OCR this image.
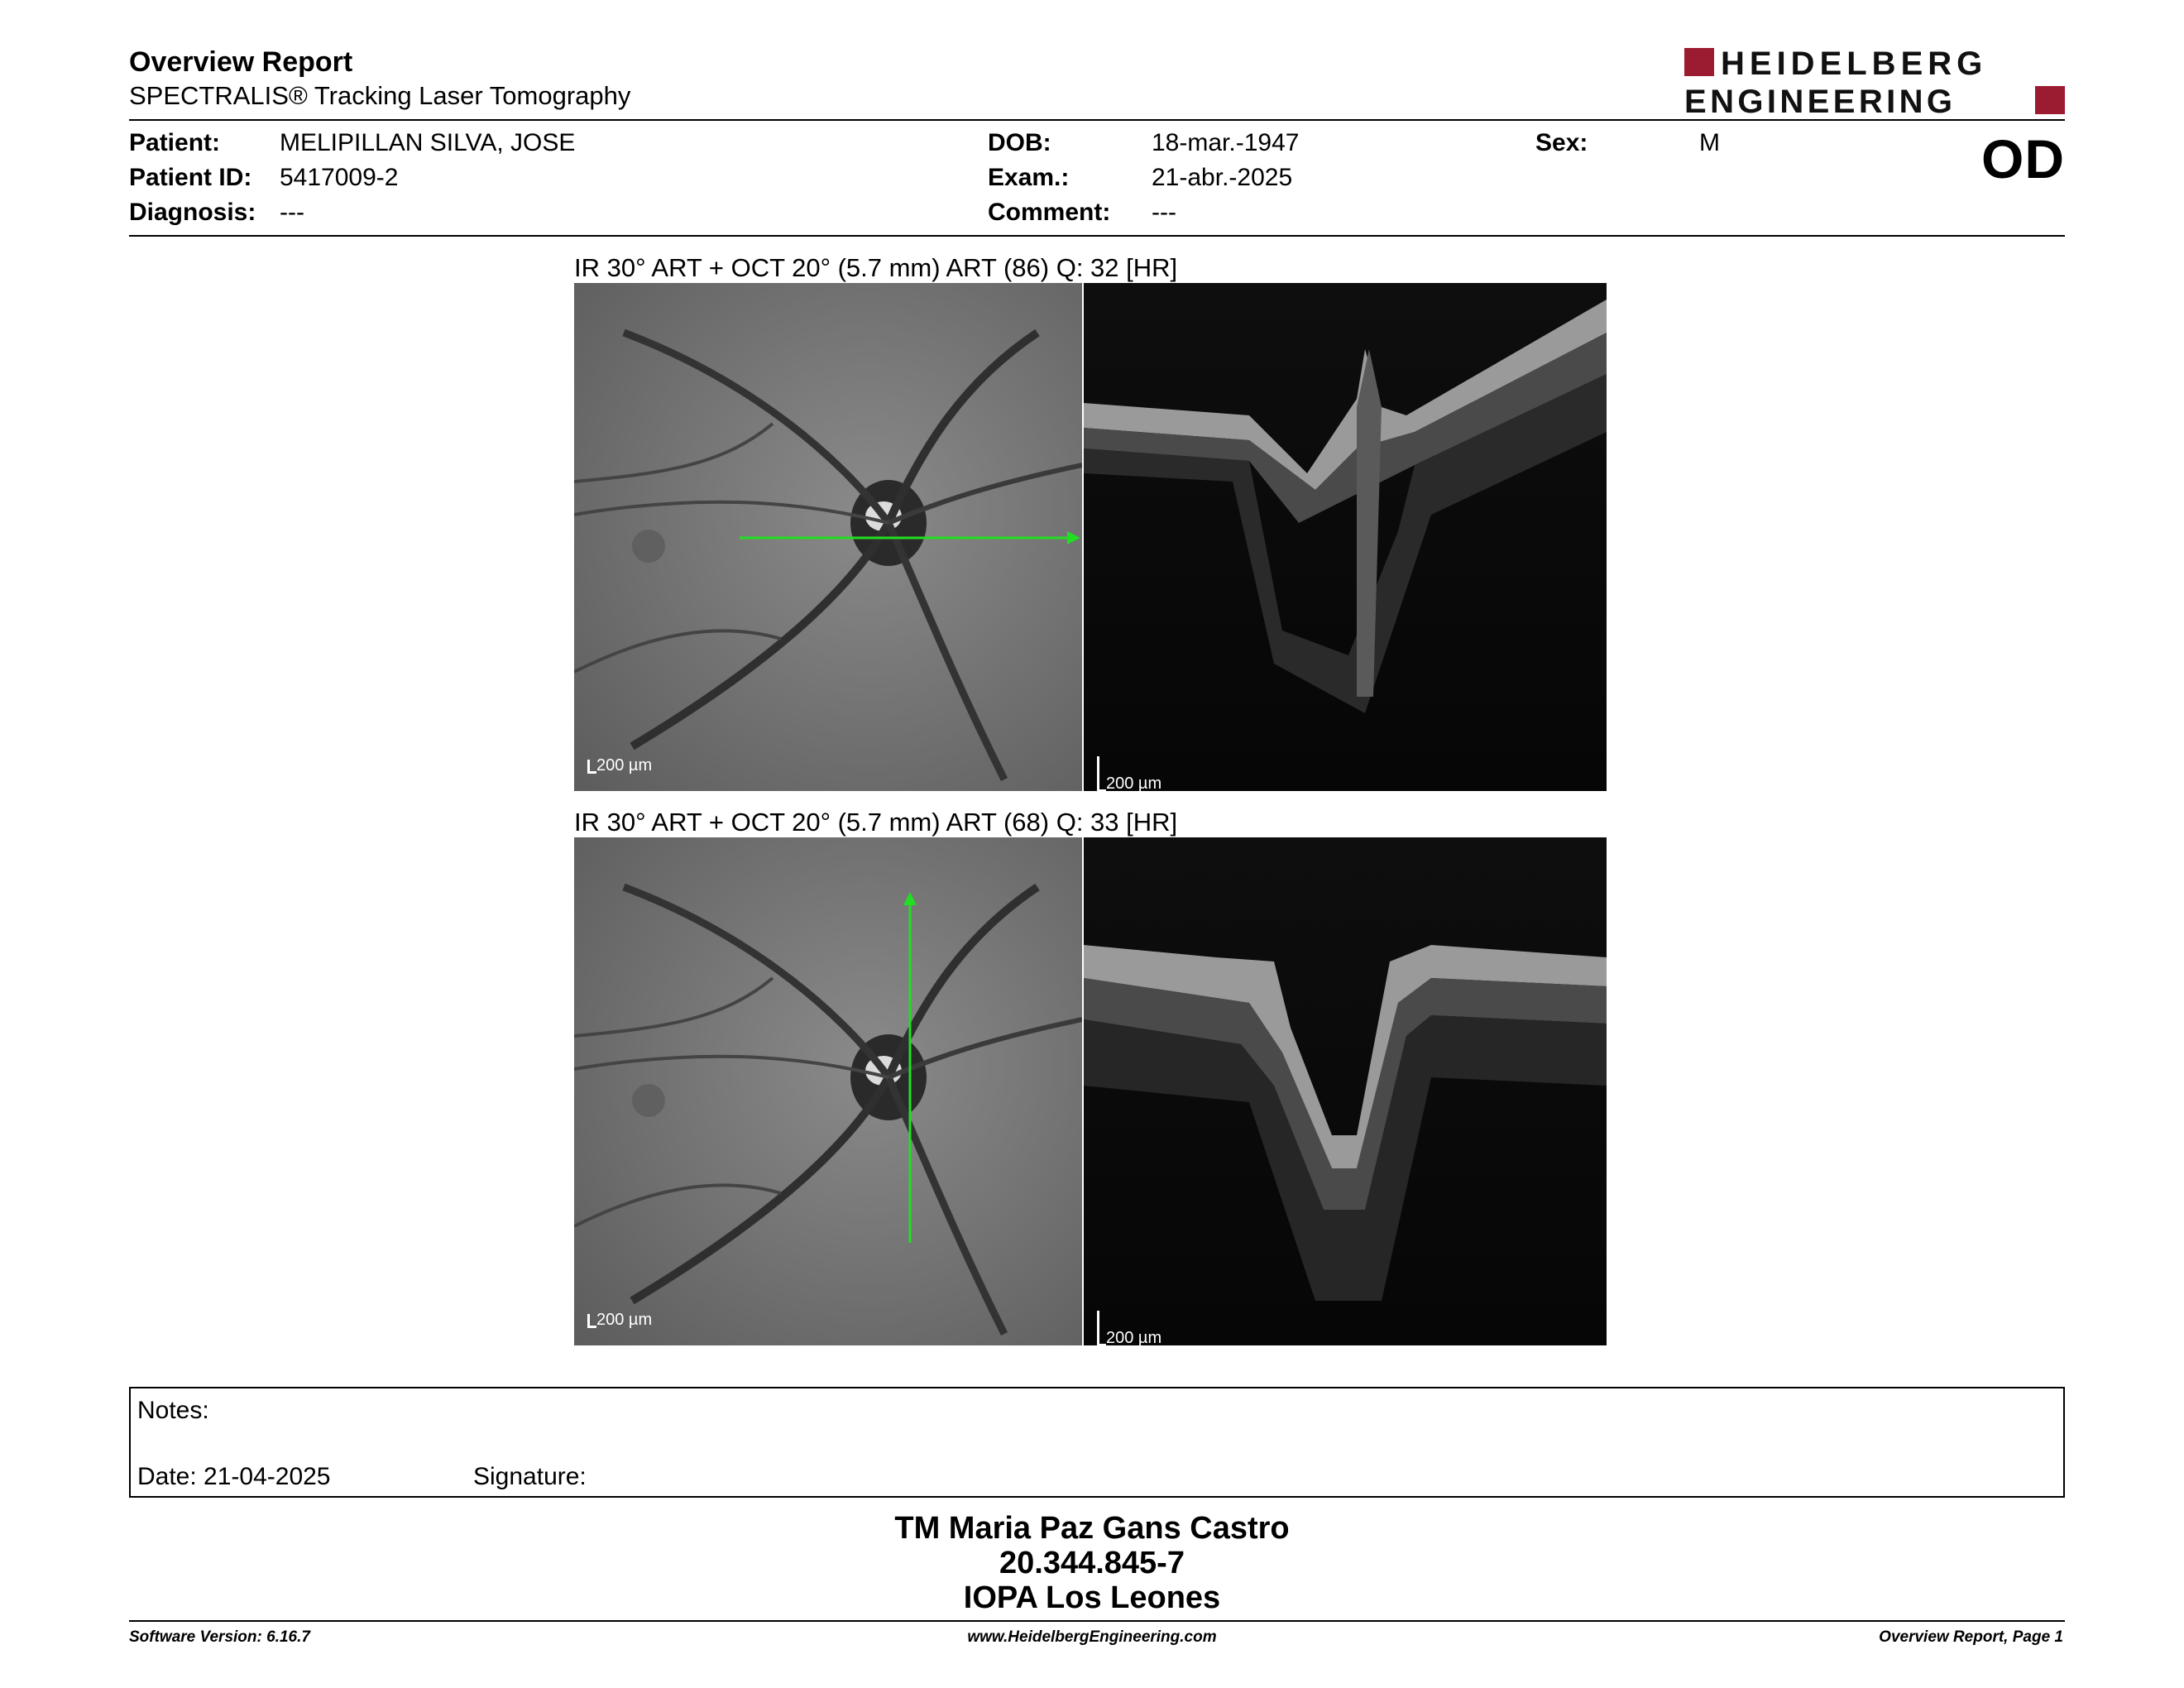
Overview Report
SPECTRALIS® Tracking Laser Tomography
HEIDELBERG
ENGINEERING
Patient: MELIPILLAN SILVA, JOSE
Patient ID: 5417009-2
Diagnosis: ---
DOB:	18-mar.-1947
Exam.:	21-abr.-2025
Comment: ---
Sex:	M	OD
IR 30° ART + OCT 20° (5.7 mm) ART (86) Q: 32 [HR]
200 µm
200 µm
IR 30° ART + OCT 20° (5.7 mm) ART (68) Q: 33 [HR]
200 µm
200 µm
Notes:
Date: 21-04-2025	Signature:
TM Maria Paz Gans Castro
20.344.845-7
IOPA Los Leones
Software Version: 6.16.7	www.HeidelbergEngineering.com	Overview Report, Page 1
